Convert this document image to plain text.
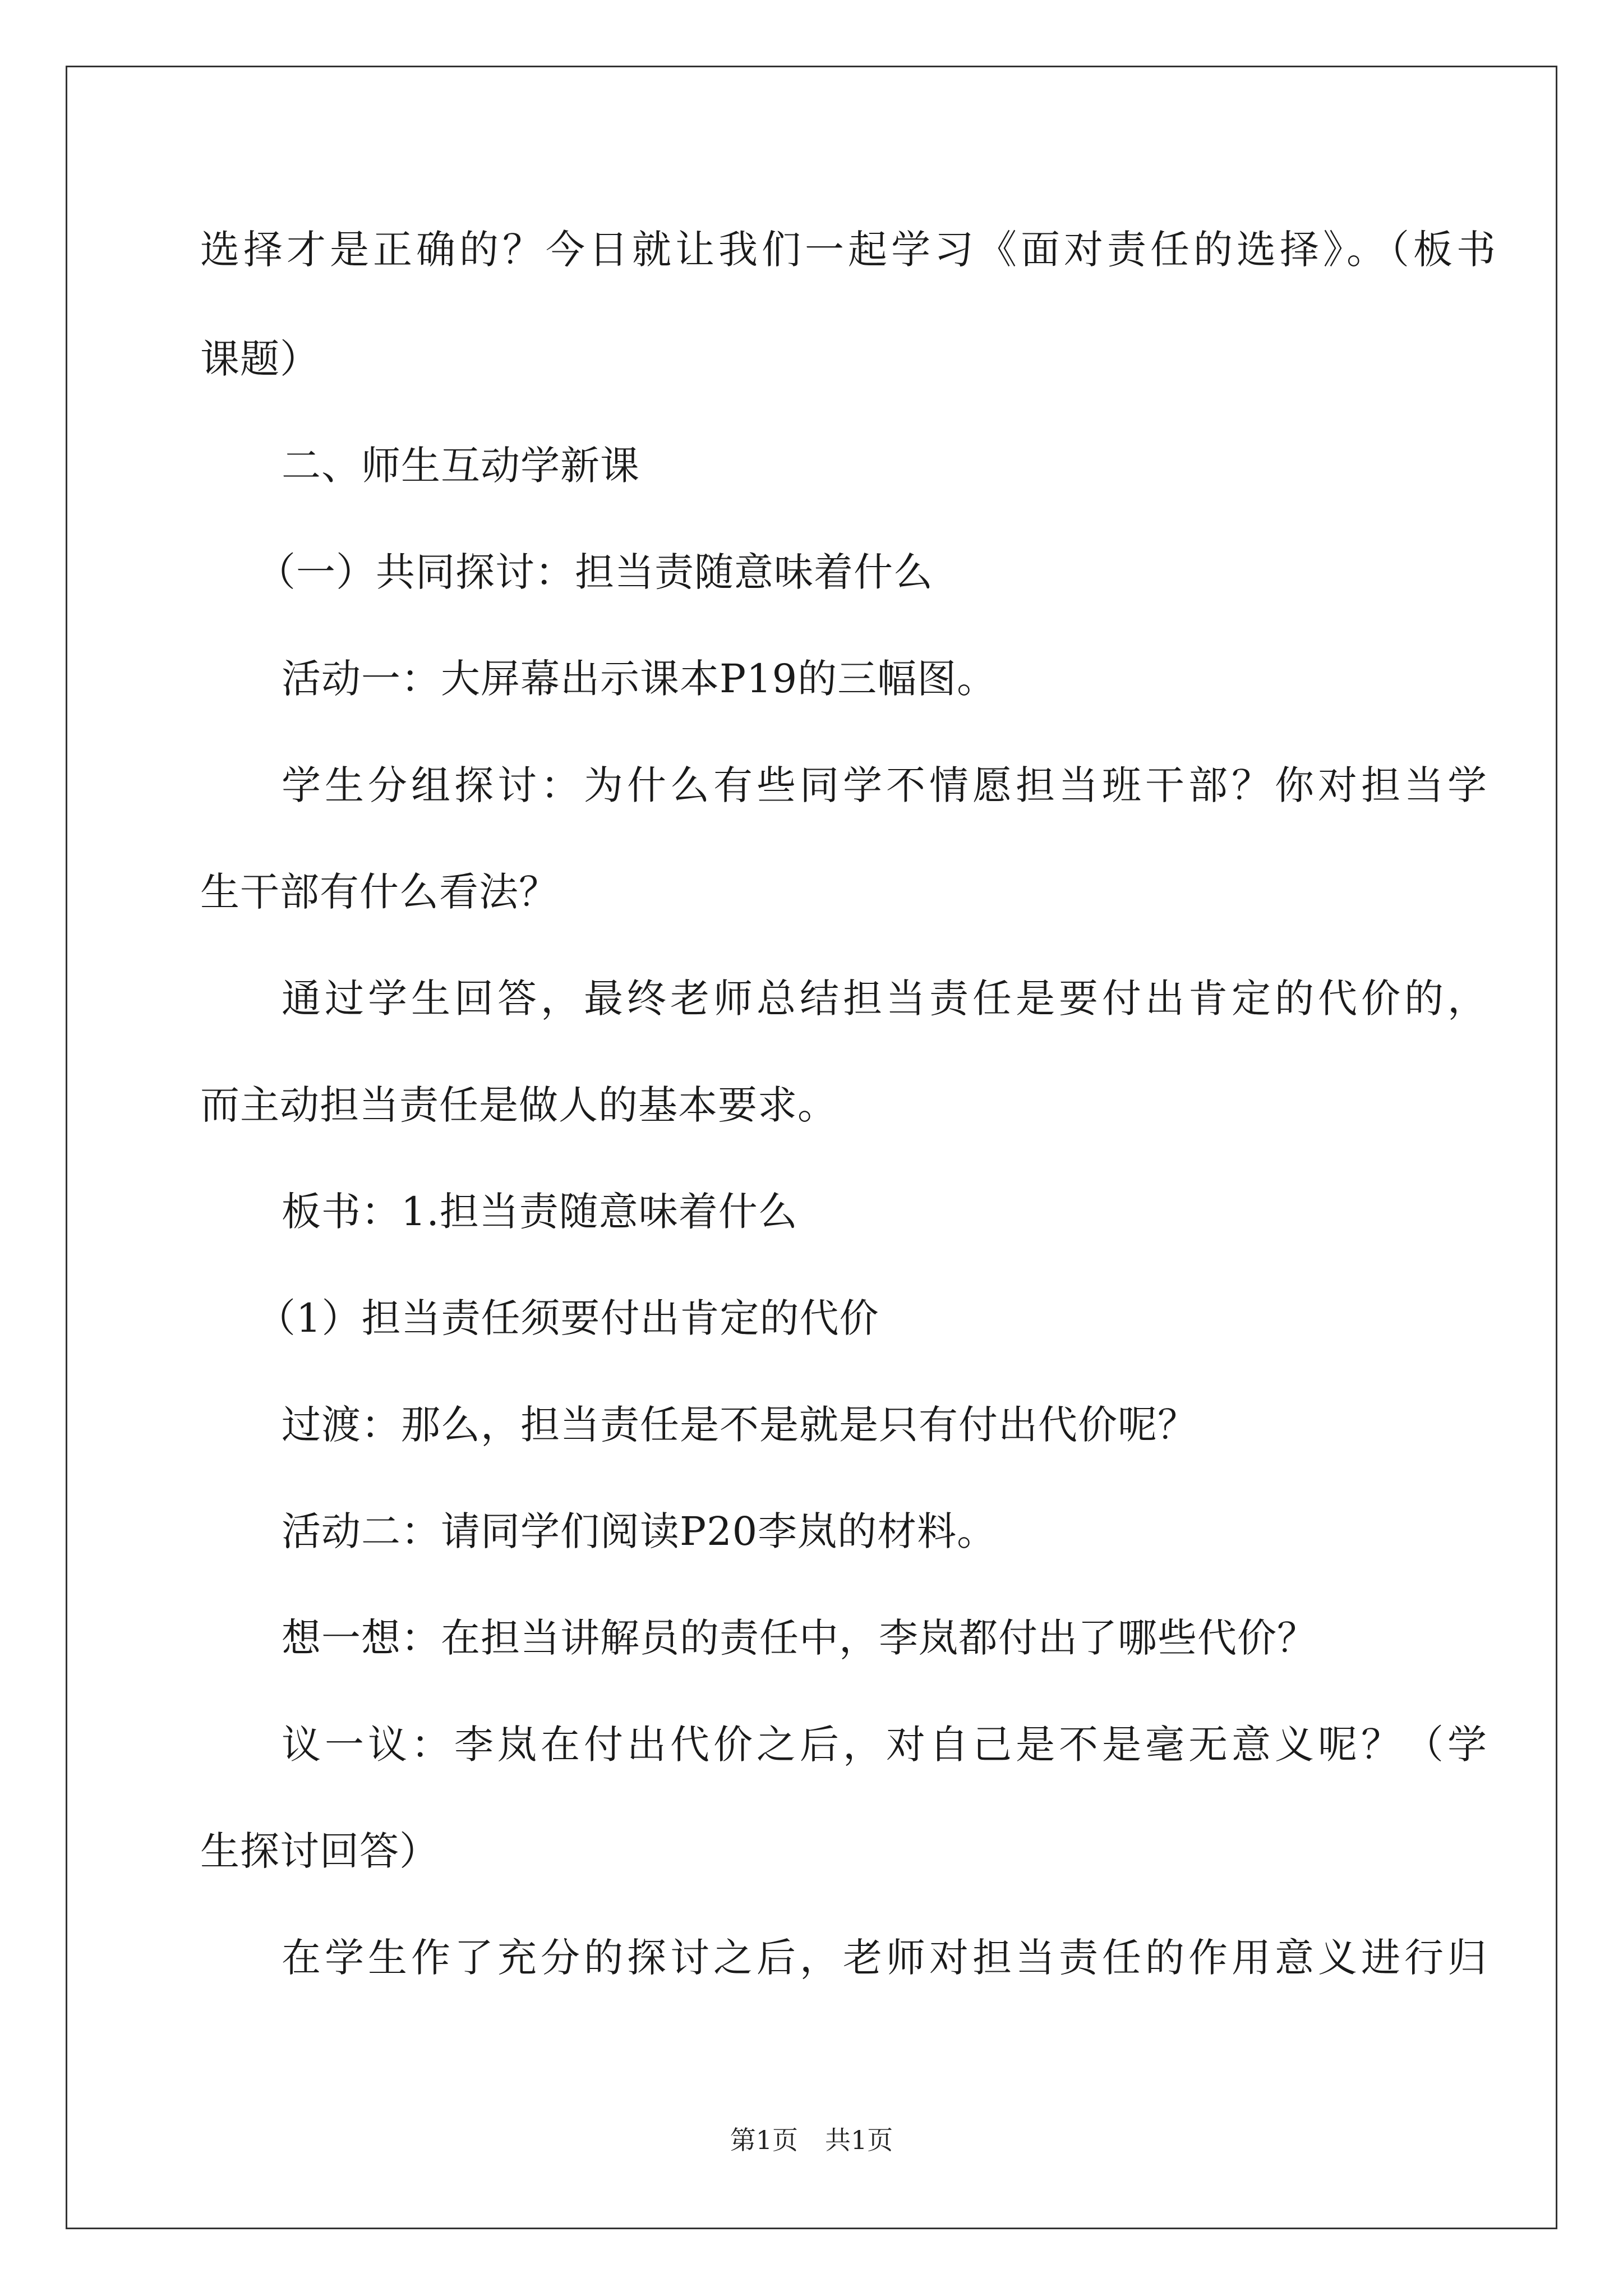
选择才是正确的？今日就让我们一起学习《面对责任的选择》。（板书
课题）
二、师生互动学新课
（一）共同探讨：担当责随意味着什么
活动一：大屏幕出示课本P19的三幅图。
学生分组探讨：为什么有些同学不情愿担当班干部？你对担当学
生干部有什么看法？
通过学生回答，最终老师总结担当责任是要付出肯定的代价的，
而主动担当责任是做人的基本要求。
板书：1.担当责随意味着什么
（1）担当责任须要付出肯定的代价
过渡：那么，担当责任是不是就是只有付出代价呢？
活动二：请同学们阅读P20李岚的材料。
想一想：在担当讲解员的责任中，李岚都付出了哪些代价？
议一议：李岚在付出代价之后，对自己是不是毫无意义呢？（学
生探讨回答）
在学生作了充分的探讨之后，老师对担当责任的作用意义进行归
第1页 共1页
